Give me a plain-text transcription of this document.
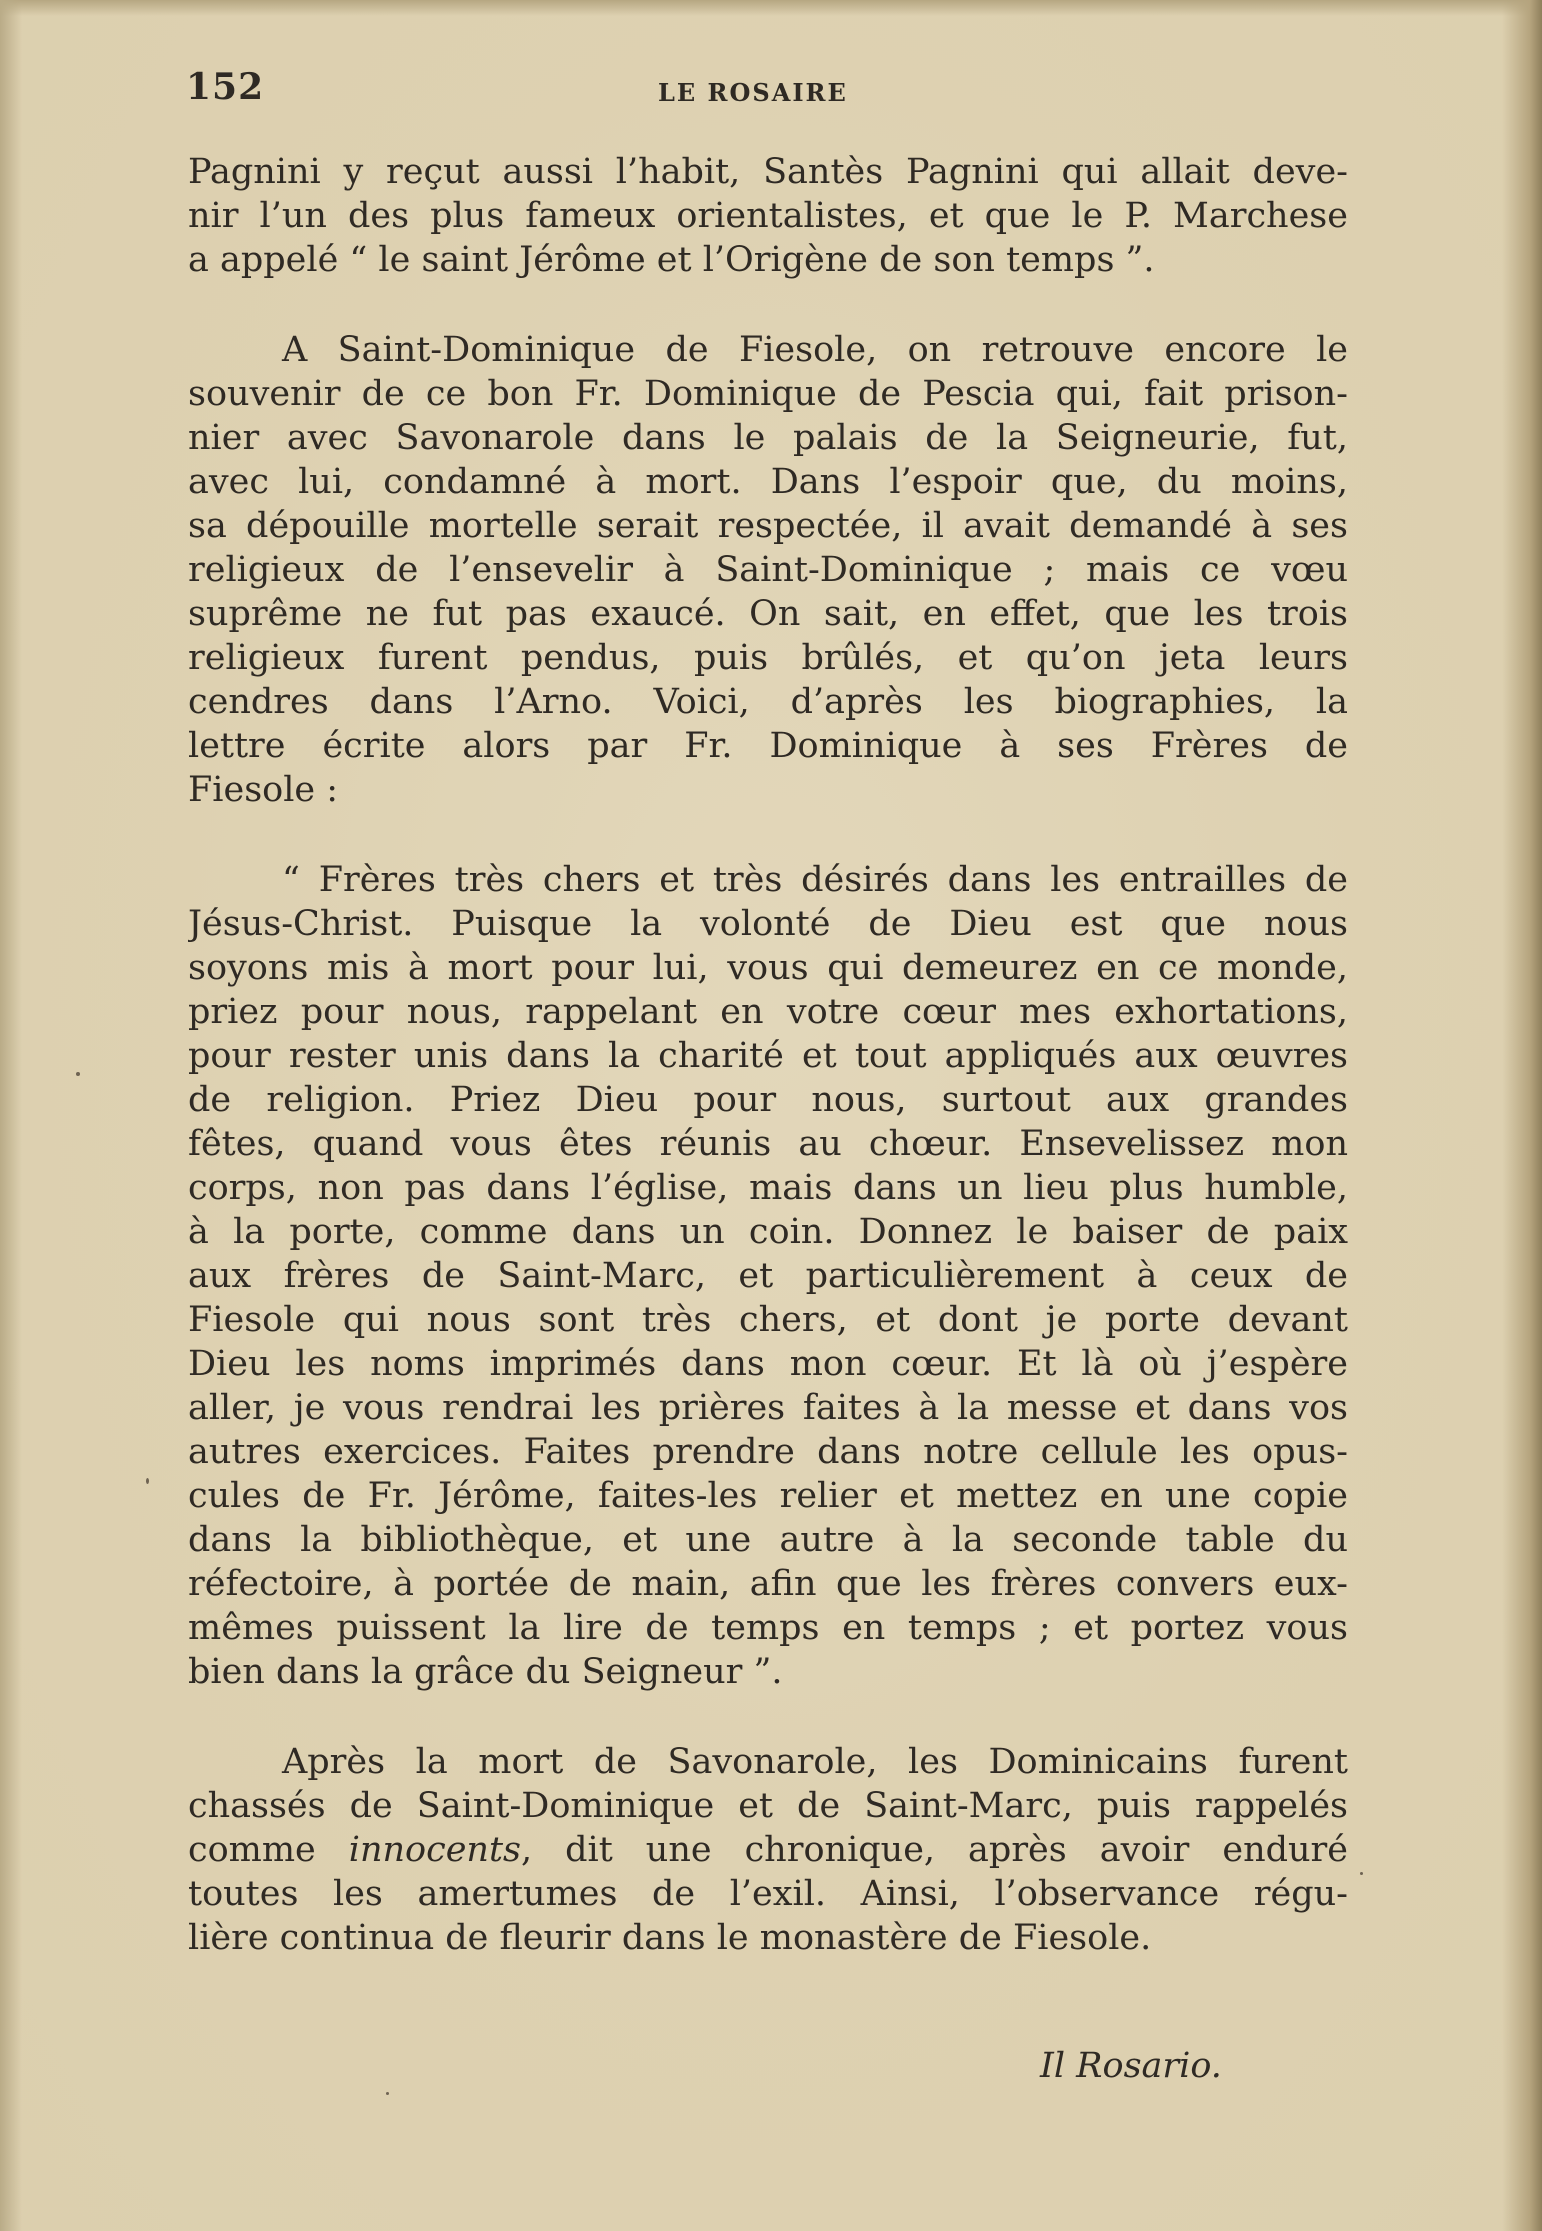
152	LE ROSAIRE
Pagnini y reçut aussi l’habit, Santès Pagnini qui allait deve-
nir l’un des plus fameux orientalistes, et que le P. Marchese
a appelé “ le saint Jérôme et l’Origène de son temps ”.
A Saint-Dominique de Fiesole, on retrouve encore le
souvenir de ce bon Fr. Dominique de Pescia qui, fait prison-
nier avec Savonarole dans le palais de la Seigneurie, fut,
avec lui, condamné à mort. Dans l’espoir que, du moins,
sa dépouille mortelle serait respectée, il avait demandé à ses
religieux de l’ensevelir à Saint-Dominique ; mais ce vœu
suprême ne fut pas exaucé. On sait, en effet, que les trois
religieux furent pendus, puis brûlés, et qu’on jeta leurs
cendres dans l’Arno. Voici, d’après les biographies, la
lettre écrite alors par Fr. Dominique à ses Frères de
Fiesole :
“ Frères très chers et très désirés dans les entrailles de
Jésus-Christ. Puisque la volonté de Dieu est que nous
soyons mis à mort pour lui, vous qui demeurez en ce monde,
priez pour nous, rappelant en votre cœur mes exhortations,
pour rester unis dans la charité et tout appliqués aux œuvres
de religion. Priez Dieu pour nous, surtout aux grandes
fêtes, quand vous êtes réunis au chœur. Ensevelissez mon
corps, non pas dans l’église, mais dans un lieu plus humble,
à la porte, comme dans un coin. Donnez le baiser de paix
aux frères de Saint-Marc, et particulièrement à ceux de
Fiesole qui nous sont très chers, et dont je porte devant
Dieu les noms imprimés dans mon cœur. Et là où j’espère
aller, je vous rendrai les prières faites à la messe et dans vos
autres exercices. Faites prendre dans notre cellule les opus-
cules de Fr. Jérôme, faites-les relier et mettez en une copie
dans la bibliothèque, et une autre à la seconde table du
réfectoire, à portée de main, afin que les frères convers eux-
mêmes puissent la lire de temps en temps ; et portez vous
bien dans la grâce du Seigneur ”.
Après la mort de Savonarole, les Dominicains furent
chassés de Saint-Dominique et de Saint-Marc, puis rappelés
comme innocents, dit une chronique, après avoir enduré
toutes les amertumes de l’exil. Ainsi, l’observance régu-
lière continua de fleurir dans le monastère de Fiesole.
Il Rosario.
